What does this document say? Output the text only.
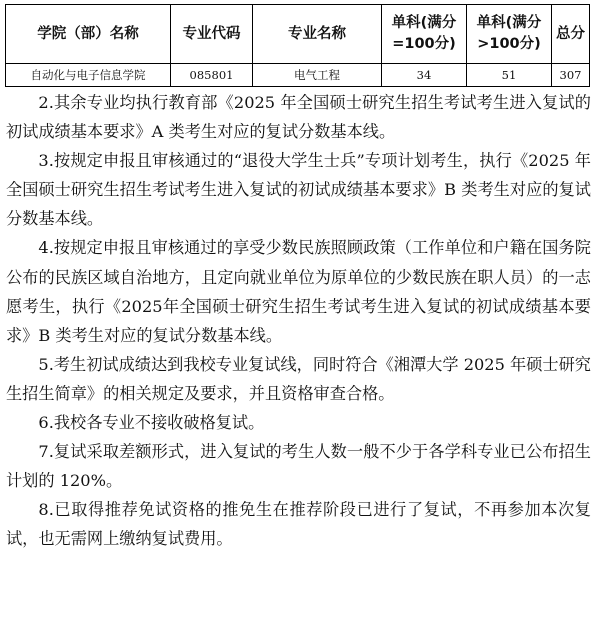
学院（部）名称	专业代码	专业名称	单科(满分=100分)	单科(满分>100分)	总分
自动化与电子信息学院	085801	电气工程	34	51	307

2.其余专业均执行教育部《2025 年全国硕士研究生招生考试考生进入复试的初试成绩基本要求》A 类考生对应的复试分数基本线。

3.按规定申报且审核通过的“退役大学生士兵”专项计划考生，执行《2025 年全国硕士研究生招生考试考生进入复试的初试成绩基本要求》B 类考生对应的复试分数基本线。

4.按规定申报且审核通过的享受少数民族照顾政策（工作单位和户籍在国务院公布的民族区域自治地方，且定向就业单位为原单位的少数民族在职人员）的一志愿考生，执行《2025年全国硕士研究生招生考试考生进入复试的初试成绩基本要求》B 类考生对应的复试分数基本线。

5.考生初试成绩达到我校专业复试线，同时符合《湘潭大学 2025 年硕士研究生招生简章》的相关规定及要求，并且资格审查合格。

6.我校各专业不接收破格复试。

7.复试采取差额形式，进入复试的考生人数一般不少于各学科专业已公布招生计划的 120%。

8.已取得推荐免试资格的推免生在推荐阶段已进行了复试，不再参加本次复试，也无需网上缴纳复试费用。
